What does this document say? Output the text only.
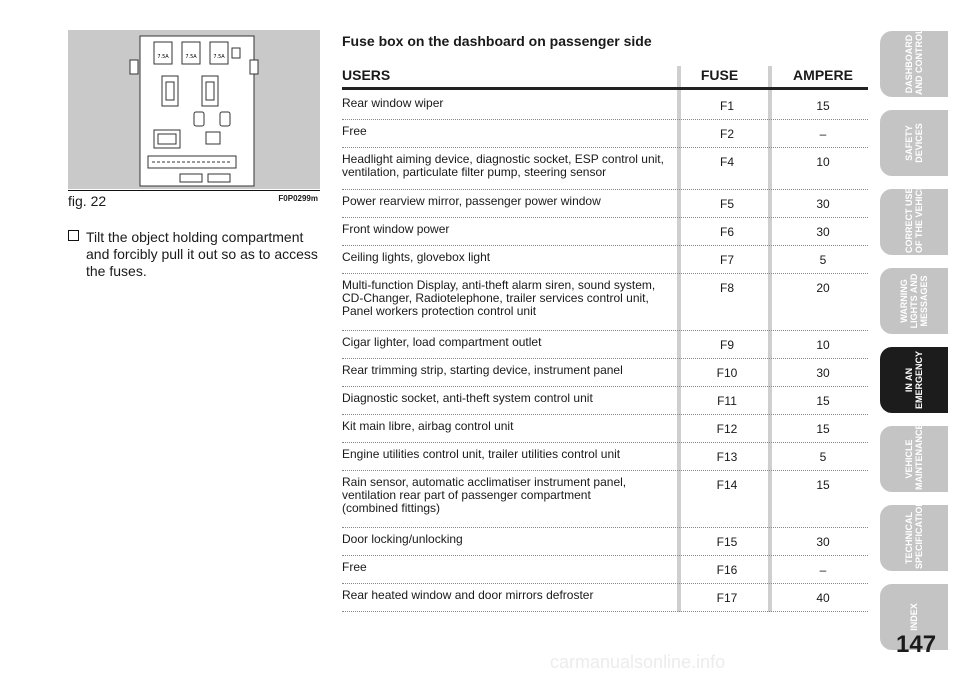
7.5A	7.5A	7.5A
fig. 22	F0P0299m
Tilt the object holding compartment and forcibly pull it out so as to access the fuses.
Fuse box on the dashboard on passenger side
USERS	FUSE	AMPERE
Rear window wiper	F1	15
Free	F2	–
Headlight aiming device, diagnostic socket, ESP control unit,
ventilation, particulate filter pump, steering sensor
F4	10
Power rearview mirror, passenger power window	F5	30
Front window power	F6	30
Ceiling lights, glovebox light	F7	5
Multi-function Display, anti-theft alarm siren, sound system,
CD-Changer, Radiotelephone, trailer services control unit,
Panel workers protection control unit
F8	20
Cigar lighter, load compartment outlet	F9	10
Rear trimming strip, starting device, instrument panel	F10	30
Diagnostic socket, anti-theft system control unit	F11	15
Kit main libre, airbag control unit	F12	15
Engine utilities control unit, trailer utilities control unit	F13	5
Rain sensor, automatic acclimatiser instrument panel,
ventilation rear part of passenger compartment
(combined fittings)
F14	15
Door locking/unlocking	F15	30
Free	F16	–
Rear heated window and door mirrors defroster	F17	40
DASHBOARD
AND CONTROLS
SAFETY
DEVICES
CORRECT USE
OF THE VEHICLE
WARNING
LIGHTS AND
MESSAGES
IN AN
EMERGENCY
VEHICLE
MAINTENANCE
TECHNICAL
SPECIFICATIONS
INDEX
147
carmanualsonline.info
